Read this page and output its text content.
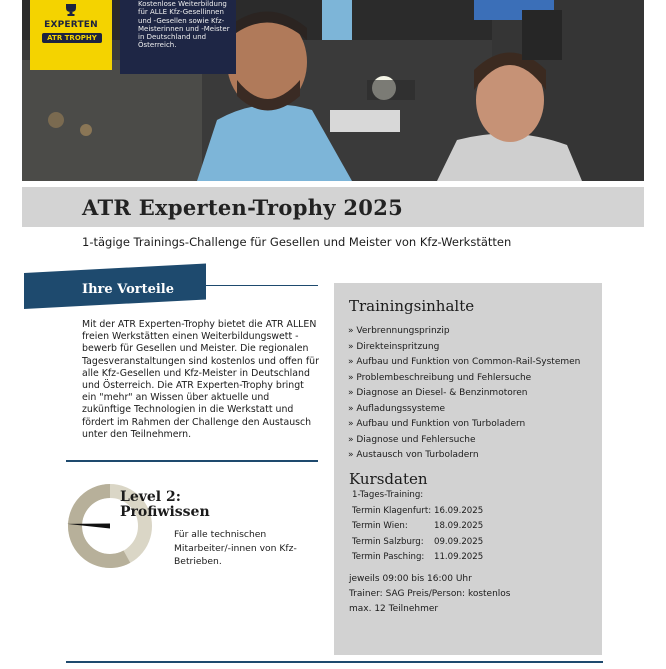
EXPERTEN
ATR TROPHY
Kostenlose Weiterbildung für ALLE Kfz-Gesellinnen und -Gesellen sowie Kfz-Meisterinnen und -Meister in Deutschland und Österreich.
ATR Experten-Trophy 2025
1-tägige Trainings-Challenge für Gesellen und Meister von Kfz-Werkstätten
Ihre Vorteile
Mit der ATR Experten-Trophy bietet die ATR ALLEN freien Werkstätten einen Weiterbildungswett -bewerb für Gesellen und Meister. Die regionalen Tagesveranstaltungen sind kostenlos und offen für alle Kfz-Gesellen und Kfz-Meister in Deutschland und Österreich. Die ATR Experten-Trophy bringt ein "mehr" an Wissen über aktuelle und zukünftige Technologien in die Werkstatt und fördert im Rahmen der Challenge den Austausch unter den Teilnehmern.
Level 2:
Profiwissen
Für alle technischen Mitarbeiter/-innen von Kfz-Betrieben.
Trainingsinhalte
» Verbrennungsprinzip
» Direkteinspritzung
» Aufbau und Funktion von Common-Rail-Systemen
» Problembeschreibung und Fehlersuche
» Diagnose an Diesel- & Benzinmotoren
» Aufladungssysteme
» Aufbau und Funktion von Turboladern
» Diagnose und Fehlersuche
» Austausch von Turboladern
Kursdaten
1-Tages-Training:
Termin Klagenfurt: 16.09.2025
Termin Wien:	18.09.2025
Termin Salzburg: 09.09.2025
Termin Pasching: 11.09.2025
jeweils 09:00 bis 16:00 Uhr
Trainer: SAG Preis/Person: kostenlos
max. 12 Teilnehmer
